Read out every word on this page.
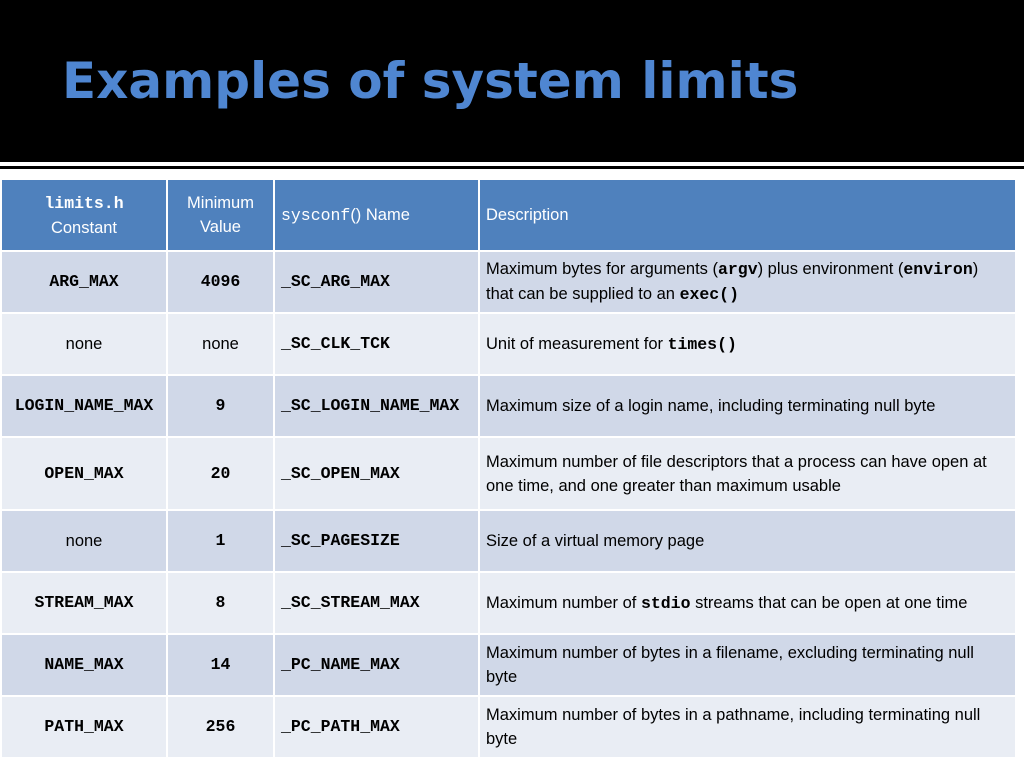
Examples of system limits
limits.h
Constant	Minimum Value	sysconf() Name	Description
ARG_MAX	4096	_SC_ARG_MAX	Maximum bytes for arguments (argv) plus environment (environ) that can be supplied to an exec()
none	none	_SC_CLK_TCK	Unit of measurement for times()
LOGIN_NAME_MAX	9	_SC_LOGIN_NAME_MAX	Maximum size of a login name, including terminating null byte
OPEN_MAX	20	_SC_OPEN_MAX	Maximum number of file descriptors that a process can have open at one time, and one greater than maximum usable
none	1	_SC_PAGESIZE	Size of a virtual memory page
STREAM_MAX	8	_SC_STREAM_MAX	Maximum number of stdio streams that can be open at one time
NAME_MAX	14	_PC_NAME_MAX	Maximum number of bytes in a filename, excluding terminating null byte
PATH_MAX	256	_PC_PATH_MAX	Maximum number of bytes in a pathname, including terminating null byte
